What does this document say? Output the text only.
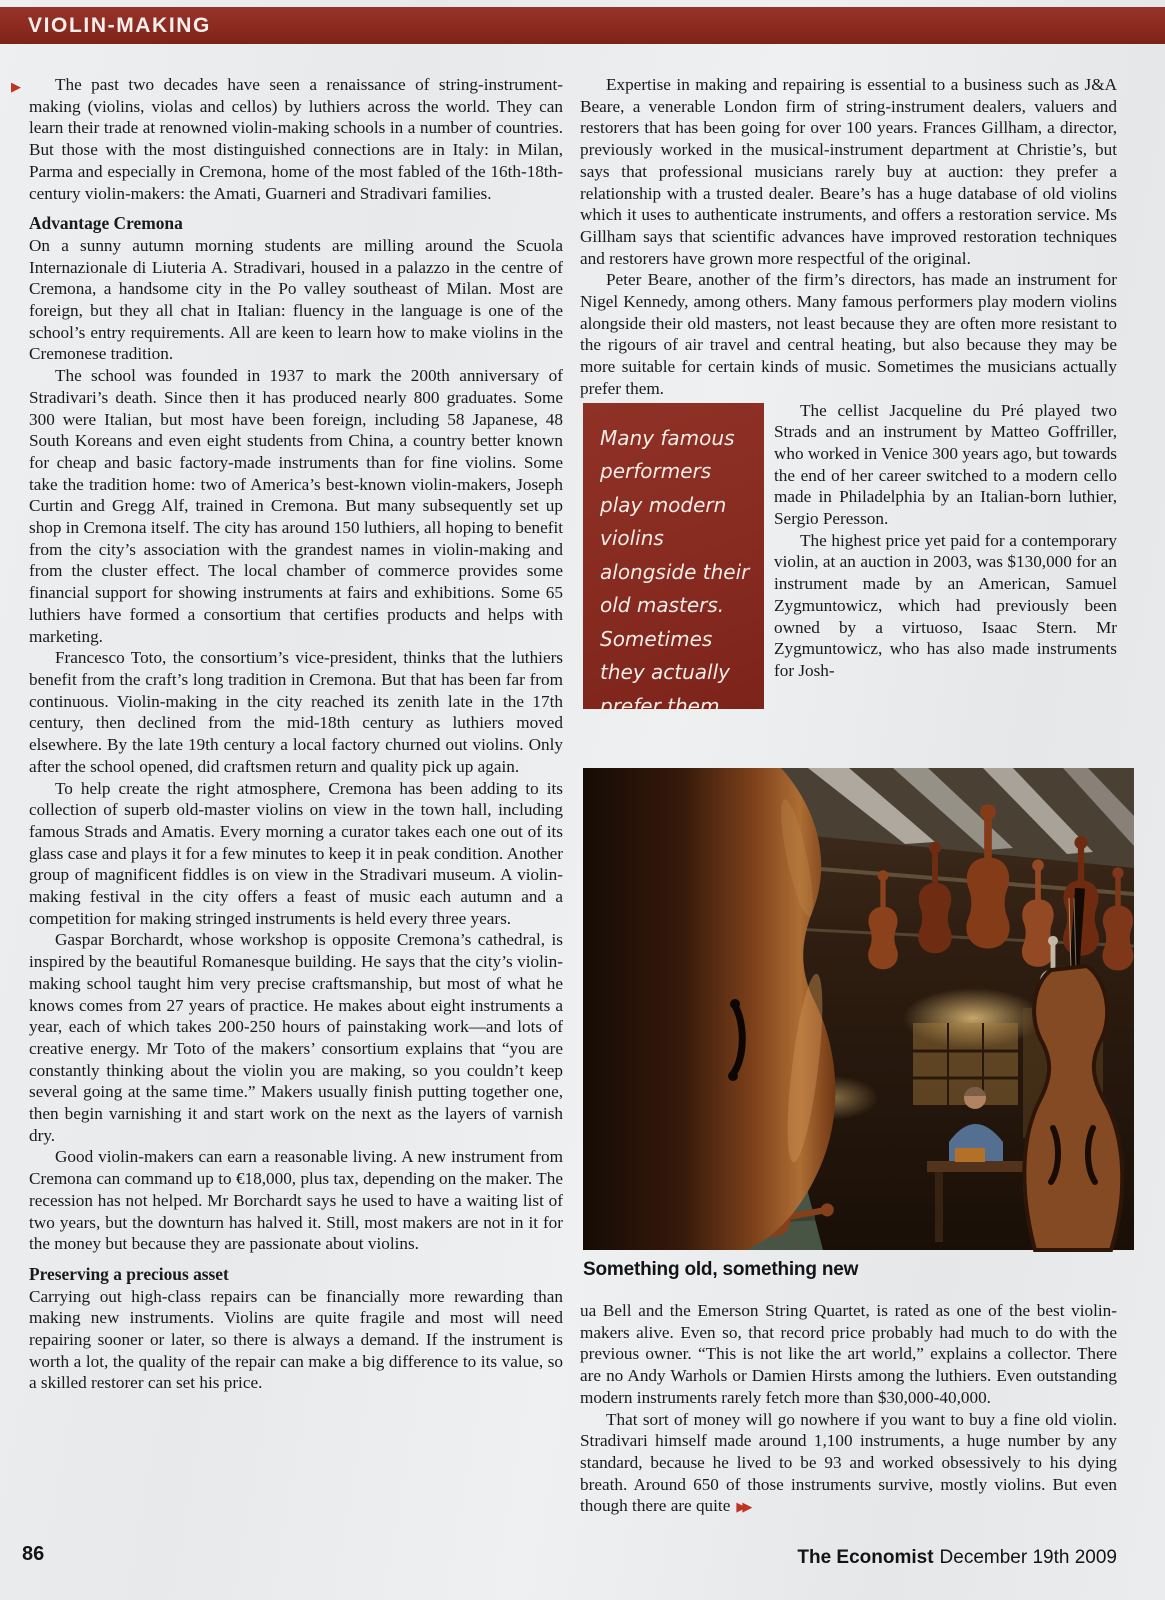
VIOLIN-MAKING

▶ The past two decades have seen a renaissance of string-instrument-making (violins, violas and cellos) by luthiers across the world. They can learn their trade at renowned violin-making schools in a number of countries. But those with the most distinguished connections are in Italy: in Milan, Parma and especially in Cremona, home of the most fabled of the 16th-18th-century violin-makers: the Amati, Guarneri and Stradivari families.

Advantage Cremona

On a sunny autumn morning students are milling around the Scuola Internazionale di Liuteria A. Stradivari, housed in a palazzo in the centre of Cremona, a handsome city in the Po valley southeast of Milan. Most are foreign, but they all chat in Italian: fluency in the language is one of the school’s entry requirements. All are keen to learn how to make violins in the Cremonese tradition.

The school was founded in 1937 to mark the 200th anniversary of Stradivari’s death. Since then it has produced nearly 800 graduates. Some 300 were Italian, but most have been foreign, including 58 Japanese, 48 South Koreans and even eight students from China, a country better known for cheap and basic factory-made instruments than for fine violins. Some take the tradition home: two of America’s best-known violin-makers, Joseph Curtin and Gregg Alf, trained in Cremona. But many subsequently set up shop in Cremona itself. The city has around 150 luthiers, all hoping to benefit from the city’s association with the grandest names in violin-making and from the cluster effect. The local chamber of commerce provides some financial support for showing instruments at fairs and exhibitions. Some 65 luthiers have formed a consortium that certifies products and helps with marketing.

Francesco Toto, the consortium’s vice-president, thinks that the luthiers benefit from the craft’s long tradition in Cremona. But that has been far from continuous. Violin-making in the city reached its zenith late in the 17th century, then declined from the mid-18th century as luthiers moved elsewhere. By the late 19th century a local factory churned out violins. Only after the school opened, did craftsmen return and quality pick up again.

To help create the right atmosphere, Cremona has been adding to its collection of superb old-master violins on view in the town hall, including famous Strads and Amatis. Every morning a curator takes each one out of its glass case and plays it for a few minutes to keep it in peak condition. Another group of magnificent fiddles is on view in the Stradivari museum. A violin-making festival in the city offers a feast of music each autumn and a competition for making stringed instruments is held every three years.

Gaspar Borchardt, whose workshop is opposite Cremona’s cathedral, is inspired by the beautiful Romanesque building. He says that the city’s violin-making school taught him very precise craftsmanship, but most of what he knows comes from 27 years of practice. He makes about eight instruments a year, each of which takes 200-250 hours of painstaking work—and lots of creative energy. Mr Toto of the makers’ consortium explains that “you are constantly thinking about the violin you are making, so you couldn’t keep several going at the same time.” Makers usually finish putting together one, then begin varnishing it and start work on the next as the layers of varnish dry.

Good violin-makers can earn a reasonable living. A new instrument from Cremona can command up to €18,000, plus tax, depending on the maker. The recession has not helped. Mr Borchardt says he used to have a waiting list of two years, but the downturn has halved it. Still, most makers are not in it for the money but because they are passionate about violins.

Preserving a precious asset

Carrying out high-class repairs can be financially more rewarding than making new instruments. Violins are quite fragile and most will need repairing sooner or later, so there is always a demand. If the instrument is worth a lot, the quality of the repair can make a big difference to its value, so a skilled restorer can set his price.

Expertise in making and repairing is essential to a business such as J&A Beare, a venerable London firm of string-instrument dealers, valuers and restorers that has been going for over 100 years. Frances Gillham, a director, previously worked in the musical-instrument department at Christie’s, but says that professional musicians rarely buy at auction: they prefer a relationship with a trusted dealer. Beare’s has a huge database of old violins which it uses to authenticate instruments, and offers a restoration service. Ms Gillham says that scientific advances have improved restoration techniques and restorers have grown more respectful of the original.

Peter Beare, another of the firm’s directors, has made an instrument for Nigel Kennedy, among others. Many famous performers play modern violins alongside their old masters, not least because they are often more resistant to the rigours of air travel and central heating, but also because they may be more suitable for certain kinds of music. Sometimes the musicians actually prefer them.

Many famous performers play modern violins alongside their old masters. Sometimes they actually prefer them

The cellist Jacqueline du Pré played two Strads and an instrument by Matteo Goffriller, who worked in Venice 300 years ago, but towards the end of her career switched to a modern cello made in Philadelphia by an Italian-born luthier, Sergio Peresson.

The highest price yet paid for a contemporary violin, at an auction in 2003, was $130,000 for an instrument made by an American, Samuel Zygmuntowicz, which had previously been owned by a virtuoso, Isaac Stern. Mr Zygmuntowicz, who has also made instruments for Josh-

Something old, something new

ua Bell and the Emerson String Quartet, is rated as one of the best violin-makers alive. Even so, that record price probably had much to do with the previous owner. “This is not like the art world,” explains a collector. There are no Andy Warhols or Damien Hirsts among the luthiers. Even outstanding modern instruments rarely fetch more than $30,000-40,000.

That sort of money will go nowhere if you want to buy a fine old violin. Stradivari himself made around 1,100 instruments, a huge number by any standard, because he lived to be 93 and worked obsessively to his dying breath. Around 650 of those instruments survive, mostly violins. But even though there are quite ▶▶

86	The Economist December 19th 2009
